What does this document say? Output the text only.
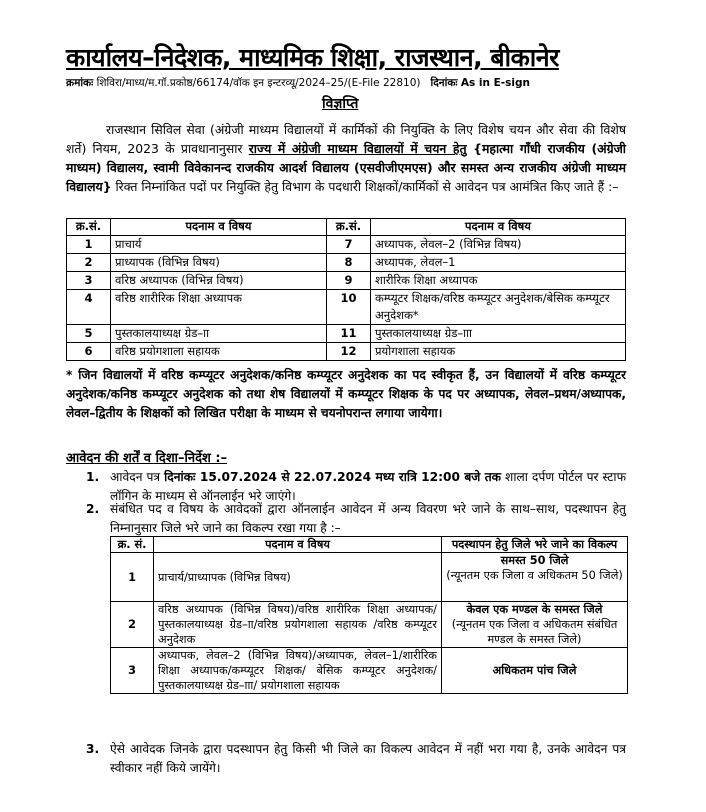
कार्यालय–निदेशक, माध्यमिक शिक्षा, राजस्थान, बीकानेर
क्रमांकः शिविरा/माध्य/म.गॉ.प्रकोष्ठ/66174/वॉक इन इन्टरव्यू/2024–25/(E-File 22810) दिनांकः As in E-sign
विज्ञप्ति
राजस्थान सिविल सेवा (अंग्रेजी माध्यम विद्यालयों में कार्मिकों की नियुक्ति के लिए विशेष चयन और सेवा की विशेष शर्ते) नियम, 2023 के प्रावधानानुसार राज्य में अंग्रेजी माध्यम विद्यालयों में चयन हेतु {महात्मा गाँधी राजकीय (अंग्रेजी माध्यम) विद्यालय, स्वामी विवेकानन्द राजकीय आदर्श विद्यालय (एसवीजीएमएस) और समस्त अन्य राजकीय अंग्रेजी माध्यम विद्यालय} रिक्त निम्नांकित पदों पर नियुक्ति हेतु विभाग के पदधारी शिक्षकों/कार्मिकों से आवेदन पत्र आमंत्रित किए जाते हैं :–
क्र.सं.	पदनाम व विषय	क्र.सं.	पदनाम व विषय
1	प्राचार्य	7	अध्यापक, लेवल–2 (विभिन्न विषय)
2	प्राध्यापक (विभिन्न विषय)	8	अध्यापक, लेवल–1
3	वरिष्ठ अध्यापक (विभिन्न विषय)	9	शारीरिक शिक्षा अध्यापक
4	वरिष्ठ शारीरिक शिक्षा अध्यापक	10	कम्प्यूटर शिक्षक/वरिष्ठ कम्प्यूटर अनुदेशक/बेसिक कम्प्यूटर अनुदेशक*
5	पुस्तकालयाध्यक्ष ग्रेड–ाा	11	पुस्तकालयाध्यक्ष ग्रेड–ााा
6	वरिष्ठ प्रयोगशाला सहायक	12	प्रयोगशाला सहायक
* जिन विद्यालयों में वरिष्ठ कम्प्यूटर अनुदेशक/कनिष्ठ कम्प्यूटर अनुदेशक का पद स्वीकृत हैं, उन विद्यालयों में वरिष्ठ कम्प्यूटर अनुदेशक/कनिष्ठ कम्प्यूटर अनुदेशक को तथा शेष विद्यालयों में कम्प्यूटर शिक्षक के पद पर अध्यापक, लेवल–प्रथम/अध्यापक, लेवल–द्वितीय के शिक्षकों को लिखित परीक्षा के माध्यम से चयनोपरान्त लगाया जायेगा।
आवेदन की शर्तें व दिशा–निर्देश :–
1. आवेदन पत्र दिनांकः 15.07.2024 से 22.07.2024 मध्य रात्रि 12:00 बजे तक शाला दर्पण पोर्टल पर स्टाफ लॉगिन के माध्यम से ऑनलाईन भरे जाएंगे।
2. संबंधित पद व विषय के आवेदकों द्वारा ऑनलाईन आवेदन में अन्य विवरण भरे जाने के साथ–साथ, पदस्थापन हेतु निम्नानुसार जिले भरे जाने का विकल्प रखा गया है :–
क्र. सं.	पदनाम व विषय	पदस्थापन हेतु जिले भरे जाने का विकल्प
1	प्राचार्य/प्राध्यापक (विभिन्न विषय)	समस्त 50 जिले
(न्यूनतम एक जिला व अधिकतम 50 जिले)
2	वरिष्ठ अध्यापक (विभिन्न विषय)/वरिष्ठ शारीरिक शिक्षा अध्यापक/पुस्तकालयाध्यक्ष ग्रेड–ाा/वरिष्ठ प्रयोगशाला सहायक /वरिष्ठ कम्प्यूटर अनुदेशक	केवल एक मण्डल के समस्त जिले
(न्यूनतम एक जिला व अधिकतम संबंधित मण्डल के समस्त जिले)
3	अध्यापक, लेवल–2 (विभिन्न विषय)/अध्यापक, लेवल–1/शारीरिक शिक्षा अध्यापक/कम्प्यूटर शिक्षक/ बेसिक कम्प्यूटर अनुदेशक/पुस्तकालयाध्यक्ष ग्रेड–ााा/ प्रयोगशाला सहायक	अधिकतम पांच जिले
3. ऐसे आवेदक जिनके द्वारा पदस्थापन हेतु किसी भी जिले का विकल्प आवेदन में नहीं भरा गया है, उनके आवेदन पत्र स्वीकार नहीं किये जायेंगे।
